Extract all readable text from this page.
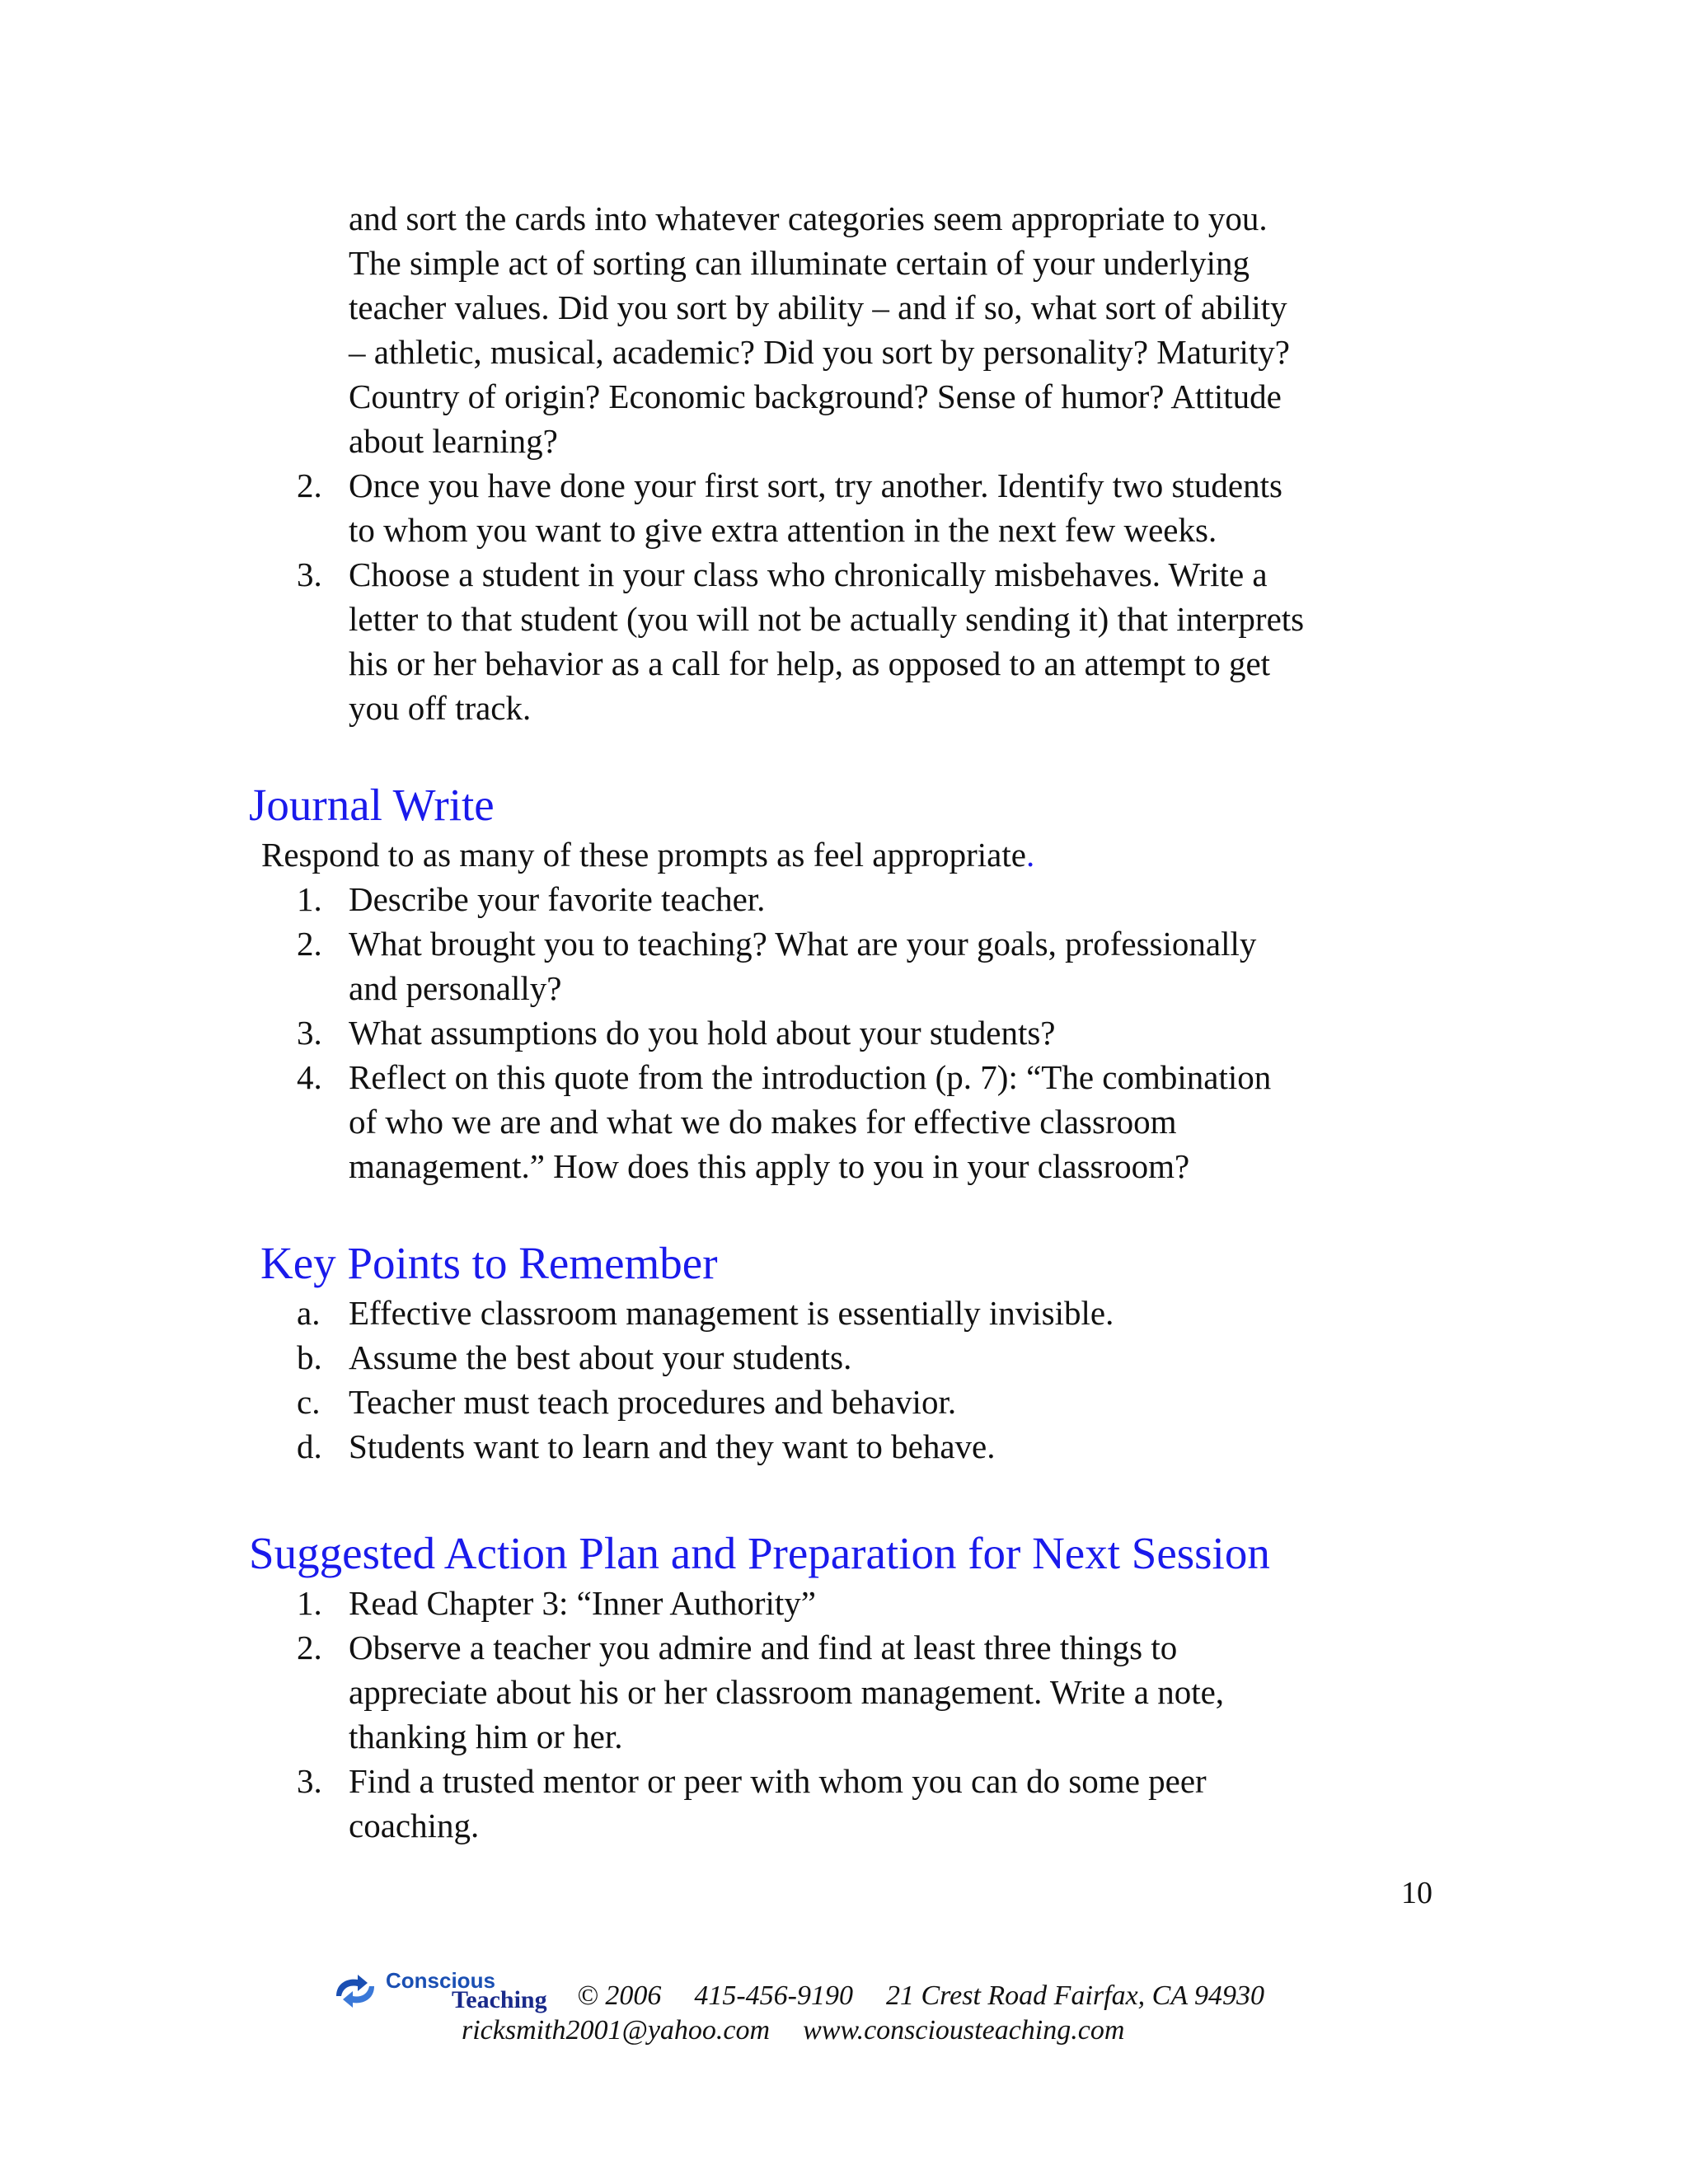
and sort the cards into whatever categories seem appropriate to you.
The simple act of sorting can illuminate certain of your underlying
teacher values. Did you sort by ability – and if so, what sort of ability
– athletic, musical, academic? Did you sort by personality? Maturity?
Country of origin? Economic background? Sense of humor? Attitude
about learning?
2. Once you have done your first sort, try another. Identify two students
to whom you want to give extra attention in the next few weeks.
3. Choose a student in your class who chronically misbehaves. Write a
letter to that student (you will not be actually sending it) that interprets
his or her behavior as a call for help, as opposed to an attempt to get
you off track.
Journal Write
Respond to as many of these prompts as feel appropriate.
1. Describe your favorite teacher.
2. What brought you to teaching? What are your goals, professionally
and personally?
3. What assumptions do you hold about your students?
4. Reflect on this quote from the introduction (p. 7): “The combination
of who we are and what we do makes for effective classroom
management.” How does this apply to you in your classroom?
Key Points to Remember
a. Effective classroom management is essentially invisible.
b. Assume the best about your students.
c. Teacher must teach procedures and behavior.
d. Students want to learn and they want to behave.
Suggested Action Plan and Preparation for Next Session
1. Read Chapter 3: “Inner Authority”
2. Observe a teacher you admire and find at least three things to
appreciate about his or her classroom management. Write a note,
thanking him or her.
3. Find a trusted mentor or peer with whom you can do some peer
coaching.
10
Conscious
Teaching © 2006 415-456-9190 21 Crest Road Fairfax, CA 94930
ricksmith2001@yahoo.com www.consciousteaching.com
